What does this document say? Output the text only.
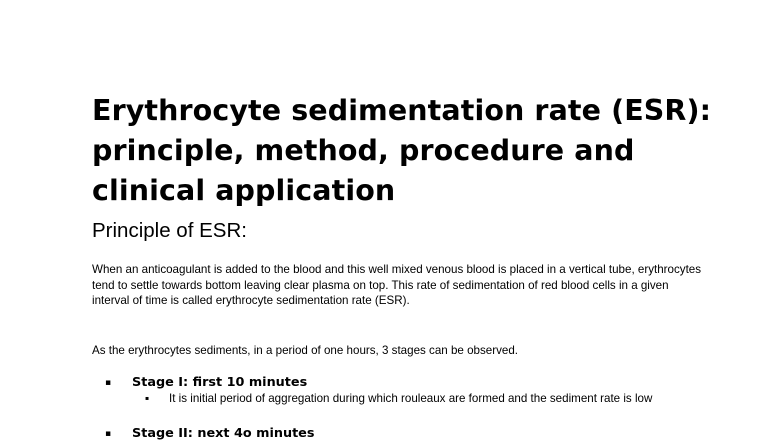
Erythrocyte sedimentation rate (ESR): principle, method, procedure and clinical application
Principle of ESR:

When an anticoagulant is added to the blood and this well mixed venous blood is placed in a vertical tube, erythrocytes tend to settle towards bottom leaving clear plasma on top. This rate of sedimentation of red blood cells in a given interval of time is called erythrocyte sedimentation rate (ESR).

As the erythrocytes sediments, in a period of one hours, 3 stages can be observed.

▪ Stage I: first 10 minutes
▪ It is initial period of aggregation during which rouleaux are formed and the sediment rate is low
▪ Stage II: next 4o minutes
